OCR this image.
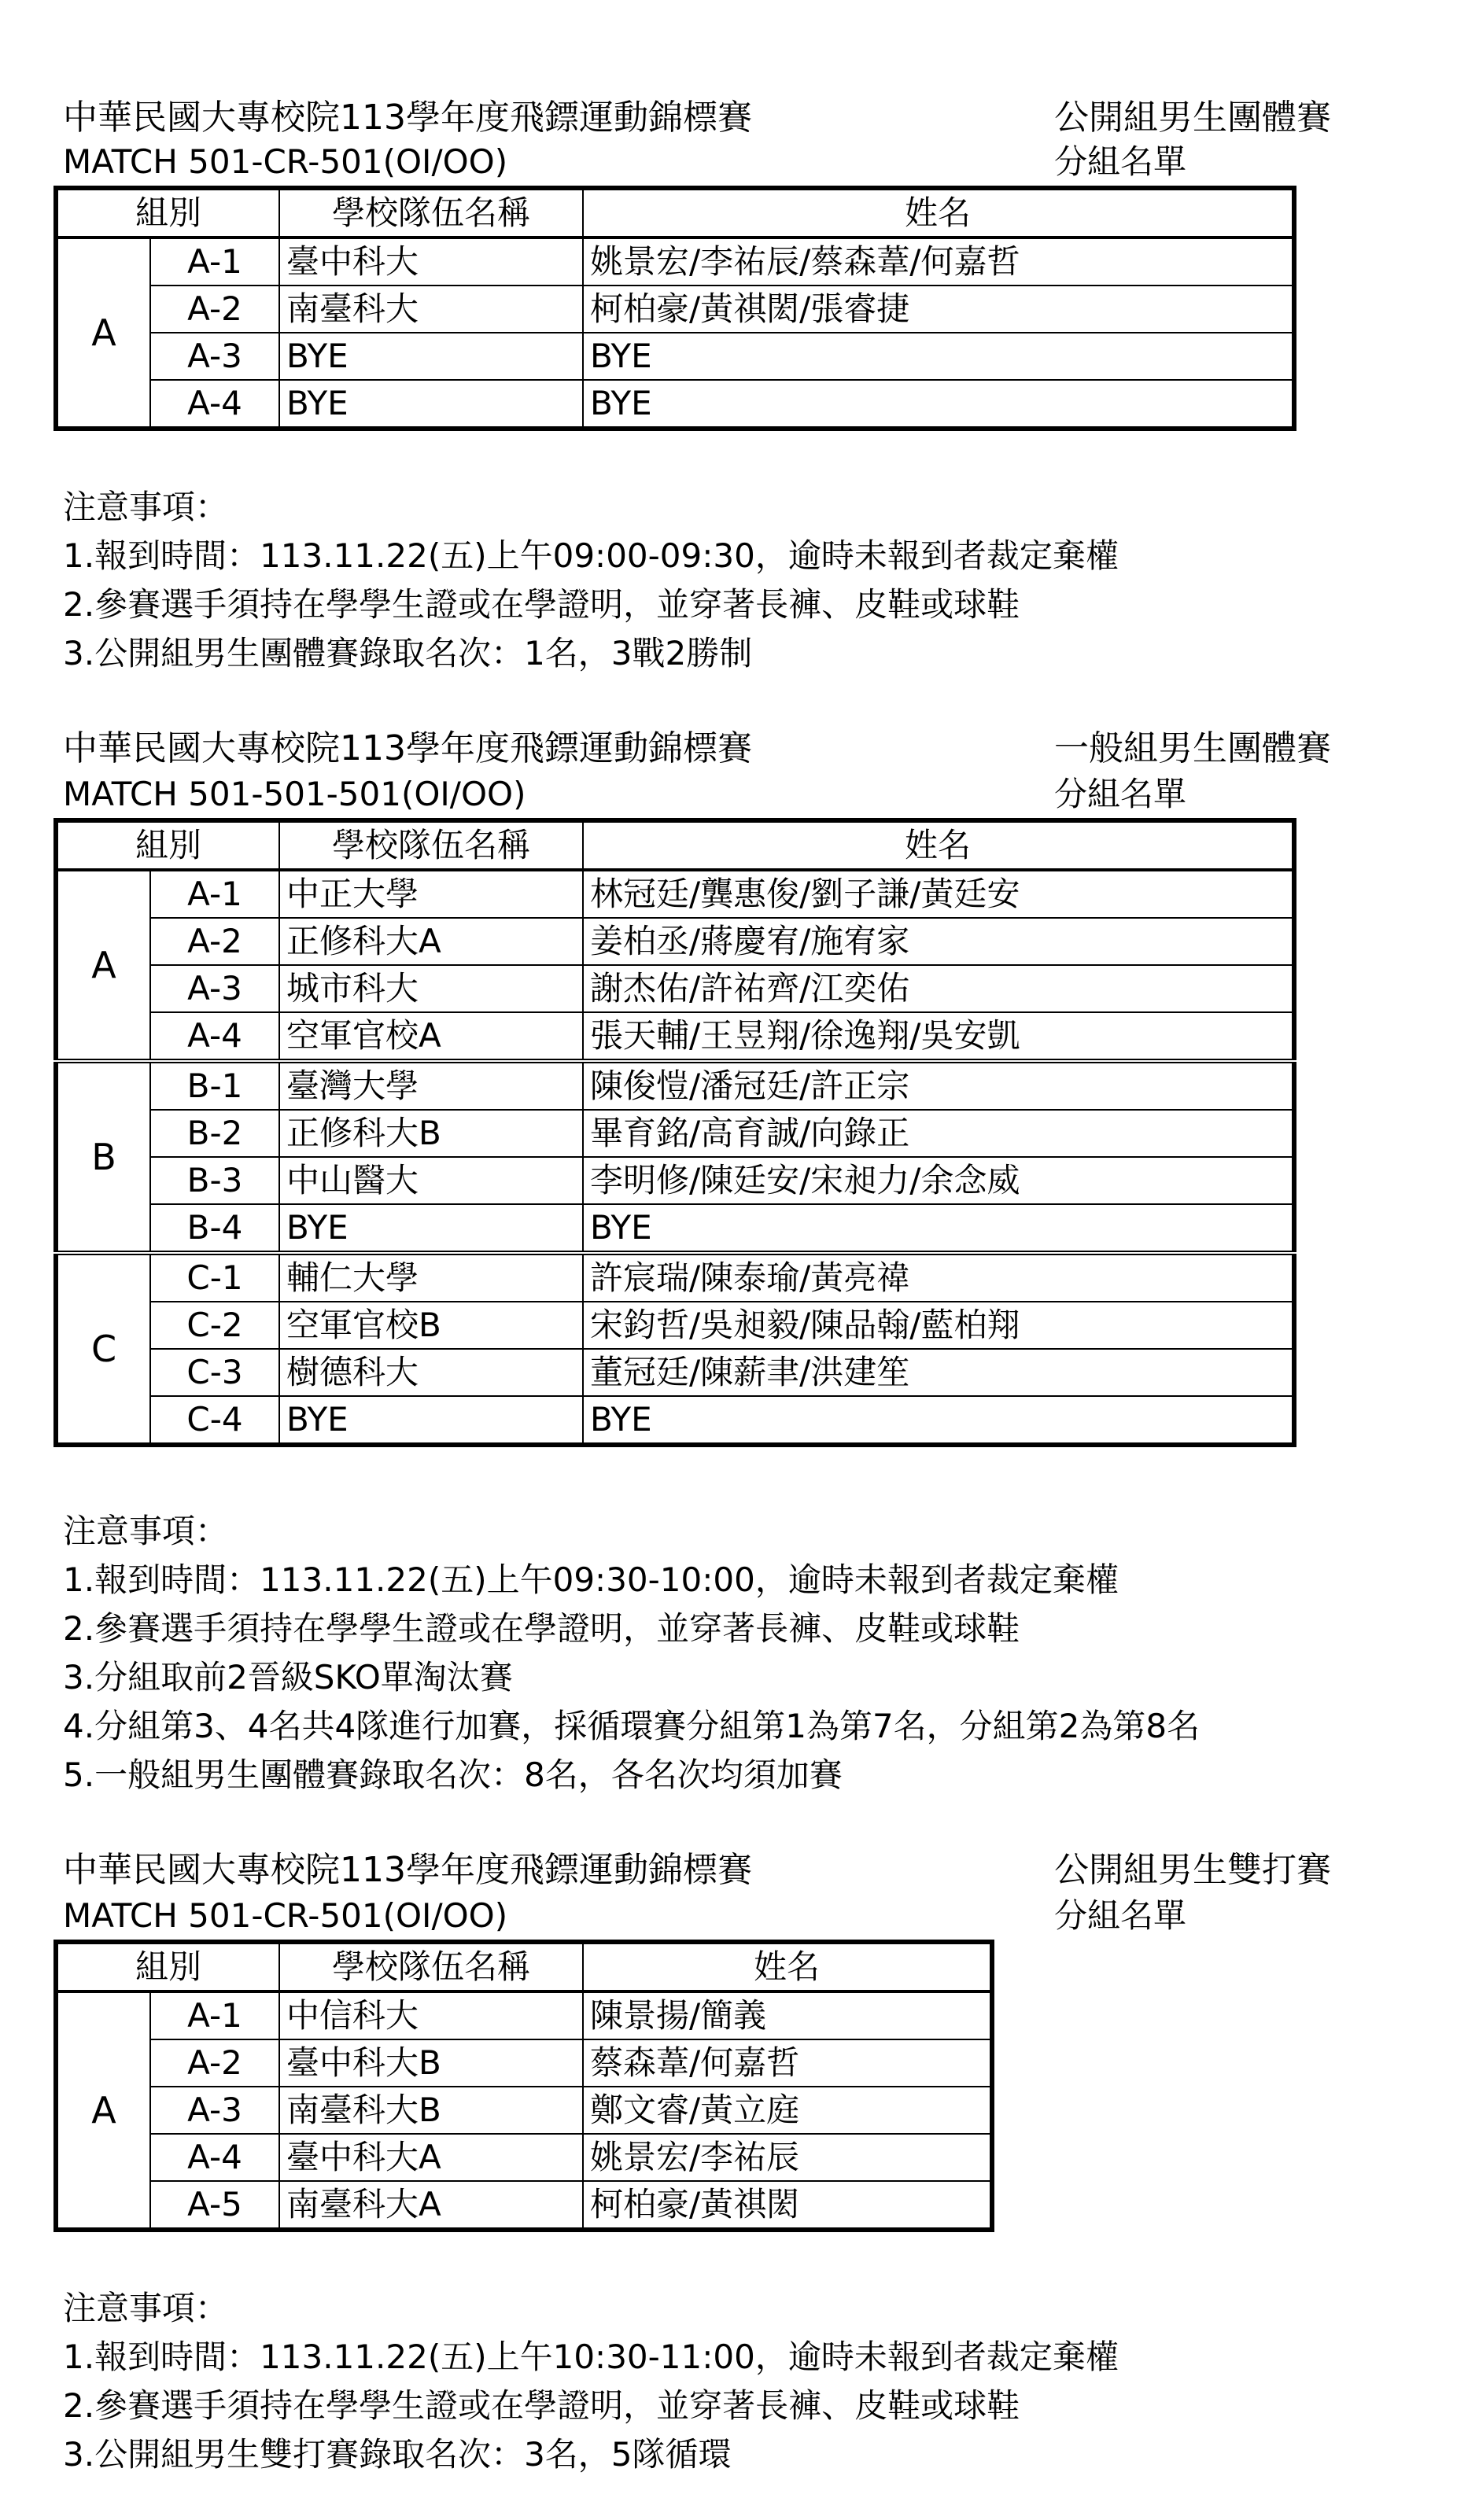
中華民國大專校院113學年度飛鏢運動錦標賽	公開組男生團體賽
MATCH 501-CR-501(OI/OO)	分組名單
組別		學校隊伍名稱	姓名
A	A-1	臺中科大	姚景宏/李祐辰/蔡森葦/何嘉哲
	A-2	南臺科大	柯柏豪/黃祺閎/張睿捷
	A-3	BYE	BYE
	A-4	BYE	BYE
注意事項：
1.報到時間：113.11.22(五)上午09:00-09:30，逾時未報到者裁定棄權
2.參賽選手須持在學學生證或在學證明，並穿著長褲、皮鞋或球鞋
3.公開組男生團體賽錄取名次：1名，3戰2勝制
中華民國大專校院113學年度飛鏢運動錦標賽	一般組男生團體賽
MATCH 501-501-501(OI/OO)	分組名單
組別		學校隊伍名稱	姓名
A	A-1	中正大學	林冠廷/龔惠俊/劉子謙/黃廷安
	A-2	正修科大A	姜柏丞/蔣慶宥/施宥家
	A-3	城市科大	謝杰佑/許祐齊/江奕佑
	A-4	空軍官校A	張天輔/王昱翔/徐逸翔/吳安凱
B	B-1	臺灣大學	陳俊愷/潘冠廷/許正宗
	B-2	正修科大B	畢育銘/高育誠/向錄正
	B-3	中山醫大	李明修/陳廷安/宋昶力/余念威
	B-4	BYE	BYE
C	C-1	輔仁大學	許宸瑞/陳泰瑜/黃亮禕
	C-2	空軍官校B	宋鈞哲/吳昶毅/陳品翰/藍柏翔
	C-3	樹德科大	董冠廷/陳薪聿/洪建笙
	C-4	BYE	BYE
注意事項：
1.報到時間：113.11.22(五)上午09:30-10:00，逾時未報到者裁定棄權
2.參賽選手須持在學學生證或在學證明，並穿著長褲、皮鞋或球鞋
3.分組取前2晉級SKO單淘汰賽
4.分組第3、4名共4隊進行加賽，採循環賽分組第1為第7名，分組第2為第8名
5.一般組男生團體賽錄取名次：8名，各名次均須加賽
中華民國大專校院113學年度飛鏢運動錦標賽	公開組男生雙打賽
MATCH 501-CR-501(OI/OO)	分組名單
組別		學校隊伍名稱	姓名
A	A-1	中信科大	陳景揚/簡義
	A-2	臺中科大B	蔡森葦/何嘉哲
	A-3	南臺科大B	鄭文睿/黃立庭
	A-4	臺中科大A	姚景宏/李祐辰
	A-5	南臺科大A	柯柏豪/黃祺閎
注意事項：
1.報到時間：113.11.22(五)上午10:30-11:00，逾時未報到者裁定棄權
2.參賽選手須持在學學生證或在學證明，並穿著長褲、皮鞋或球鞋
3.公開組男生雙打賽錄取名次：3名，5隊循環
